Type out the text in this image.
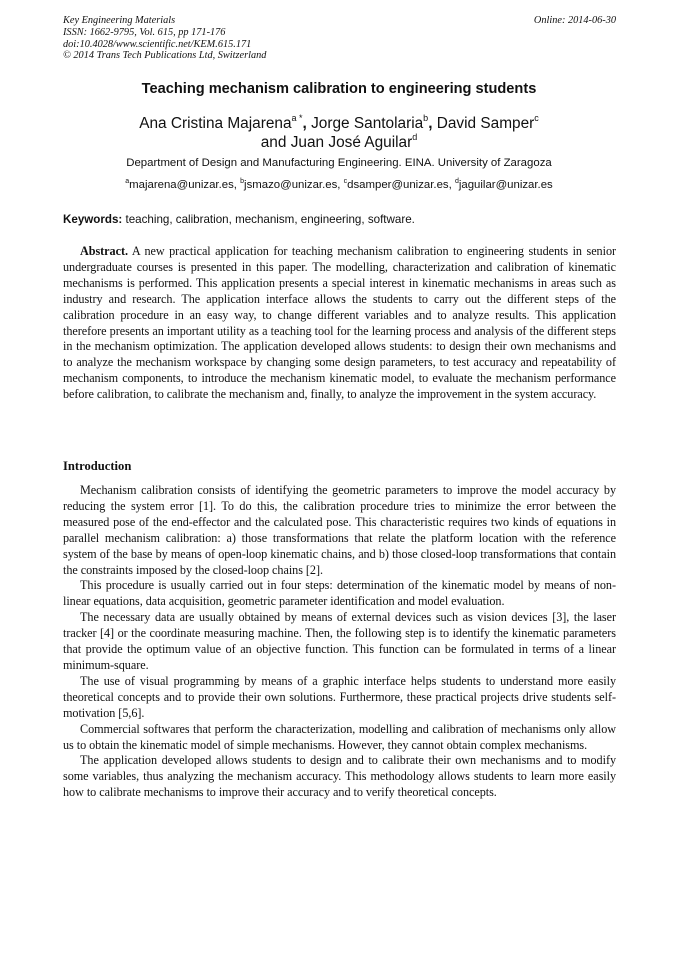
Key Engineering Materials
ISSN: 1662-9795, Vol. 615, pp 171-176
doi:10.4028/www.scientific.net/KEM.615.171
© 2014 Trans Tech Publications Ltd, Switzerland
Online: 2014-06-30
Teaching mechanism calibration to engineering students
Ana Cristina Majarena$^{a *}$, Jorge Santolaria$^b$, David Samper$^c$
and Juan José Aguilar$^d$
Department of Design and Manufacturing Engineering. EINA. University of Zaragoza
$^a$majarena@unizar.es, $^b$jsmazo@unizar.es, $^c$dsamper@unizar.es, $^d$jaguilar@unizar.es
Keywords: teaching, calibration, mechanism, engineering, software.

Abstract. A new practical application for teaching mechanism calibration to engineering students in senior undergraduate courses is presented in this paper. The modelling, characterization and calibration of kinematic mechanisms is performed. This application presents a special interest in kinematic mechanisms in areas such as industry and research. The application interface allows the students to carry out the different steps of the calibration procedure in an easy way, to change different variables and to analyze results. This application therefore presents an important utility as a teaching tool for the learning process and analysis of the different steps in the mechanism optimization. The application developed allows students: to design their own mechanisms and to analyze the mechanism workspace by changing some design parameters, to test accuracy and repeatability of mechanism components, to introduce the mechanism kinematic model, to evaluate the mechanism performance before calibration, to calibrate the mechanism and, finally, to analyze the improvement in the system accuracy.

Introduction

Mechanism calibration consists of identifying the geometric parameters to improve the model accuracy by reducing the system error [1]. To do this, the calibration procedure tries to minimize the error between the measured pose of the end-effector and the calculated pose. This characteristic requires two kinds of equations in parallel mechanism calibration: a) those transformations that relate the platform location with the reference system of the base by means of open-loop kinematic chains, and b) those closed-loop transformations that contain the constraints imposed by the closed-loop chains [2].

This procedure is usually carried out in four steps: determination of the kinematic model by means of non-linear equations, data acquisition, geometric parameter identification and model evaluation.

The necessary data are usually obtained by means of external devices such as vision devices [3], the laser tracker [4] or the coordinate measuring machine. Then, the following step is to identify the kinematic parameters that provide the optimum value of an objective function. This function can be formulated in terms of a linear minimum-square.

The use of visual programming by means of a graphic interface helps students to understand more easily theoretical concepts and to provide their own solutions. Furthermore, these practical projects drive students self-motivation [5,6].

Commercial softwares that perform the characterization, modelling and calibration of mechanisms only allow us to obtain the kinematic model of simple mechanisms. However, they cannot obtain complex mechanisms.

The application developed allows students to design and to calibrate their own mechanisms and to modify some variables, thus analyzing the mechanism accuracy. This methodology allows students to learn more easily how to calibrate mechanisms to improve their accuracy and to verify theoretical concepts.
